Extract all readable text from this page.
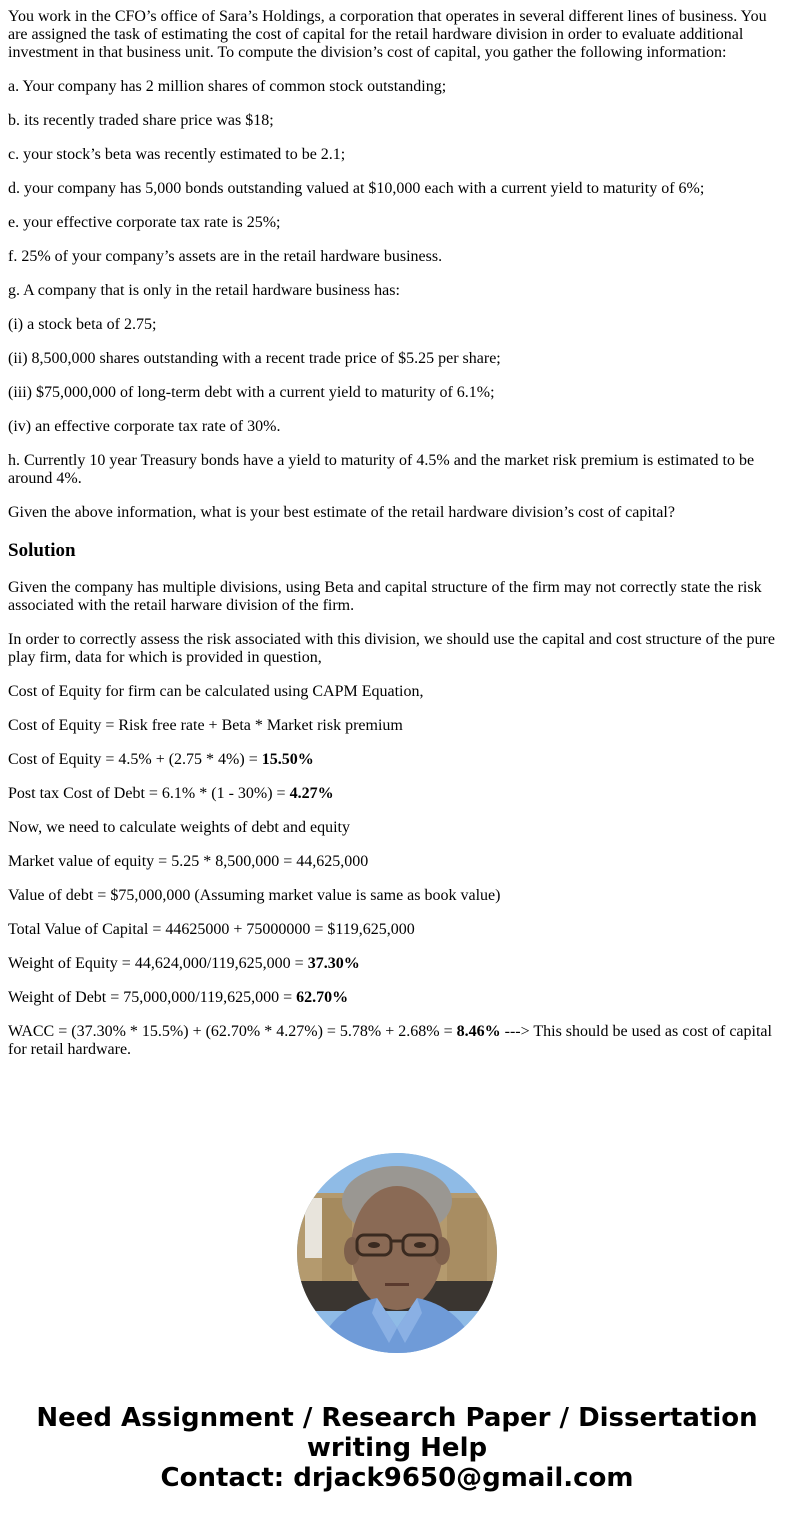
You work in the CFO’s office of Sara’s Holdings, a corporation that operates in several different lines of business. You are assigned the task of estimating the cost of capital for the retail hardware division in order to evaluate additional investment in that business unit. To compute the division’s cost of capital, you gather the following information:

a. Your company has 2 million shares of common stock outstanding;

b. its recently traded share price was $18;

c. your stock’s beta was recently estimated to be 2.1;

d. your company has 5,000 bonds outstanding valued at $10,000 each with a current yield to maturity of 6%;

e. your effective corporate tax rate is 25%;

f. 25% of your company’s assets are in the retail hardware business.

g. A company that is only in the retail hardware business has:

(i) a stock beta of 2.75;

(ii) 8,500,000 shares outstanding with a recent trade price of $5.25 per share;

(iii) $75,000,000 of long-term debt with a current yield to maturity of 6.1%;

(iv) an effective corporate tax rate of 30%.

h. Currently 10 year Treasury bonds have a yield to maturity of 4.5% and the market risk premium is estimated to be around 4%.

Given the above information, what is your best estimate of the retail hardware division’s cost of capital?

Solution

Given the company has multiple divisions, using Beta and capital structure of the firm may not correctly state the risk associated with the retail harware division of the firm.

In order to correctly assess the risk associated with this division, we should use the capital and cost structure of the pure play firm, data for which is provided in question,

Cost of Equity for firm can be calculated using CAPM Equation,

Cost of Equity = Risk free rate + Beta * Market risk premium

Cost of Equity = 4.5% + (2.75 * 4%) = 15.50%

Post tax Cost of Debt = 6.1% * (1 - 30%) = 4.27%

Now, we need to calculate weights of debt and equity

Market value of equity = 5.25 * 8,500,000 = 44,625,000

Value of debt = $75,000,000 (Assuming market value is same as book value)

Total Value of Capital = 44625000 + 75000000 = $119,625,000

Weight of Equity = 44,624,000/119,625,000 = 37.30%

Weight of Debt = 75,000,000/119,625,000 = 62.70%

WACC = (37.30% * 15.5%) + (62.70% * 4.27%) = 5.78% + 2.68% = 8.46% ---> This should be used as cost of capital for retail hardware.

Need Assignment / Research Paper / Dissertation
writing Help
Contact: drjack9650@gmail.com
